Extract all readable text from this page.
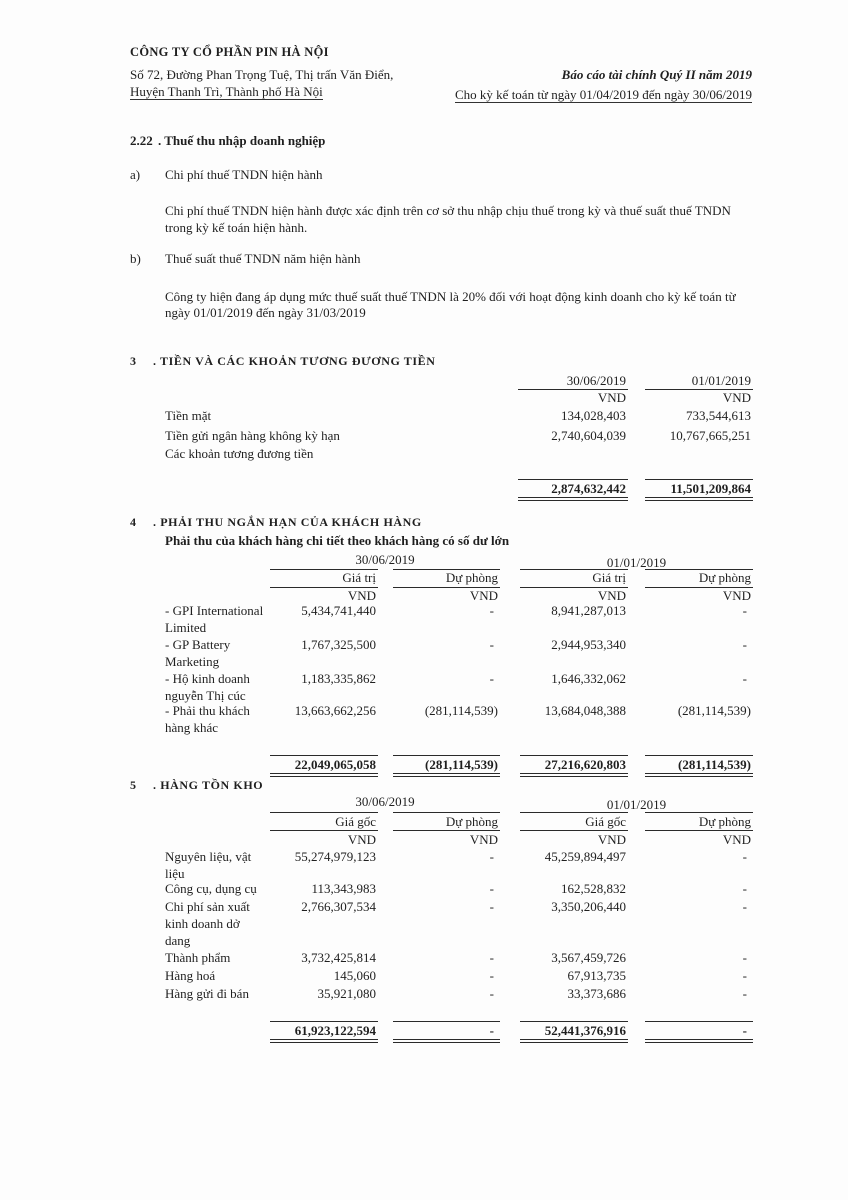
CÔNG TY CỔ PHẦN PIN HÀ NỘI
Số 72, Đường Phan Trọng Tuệ, Thị trấn Văn Điển,
Huyện Thanh Trì, Thành phố Hà Nội
Báo cáo tài chính Quý II năm 2019
Cho kỳ kế toán từ ngày 01/04/2019 đến ngày 30/06/2019
2.22 . Thuế thu nhập doanh nghiệp
a) Chi phí thuế TNDN hiện hành
Chi phí thuế TNDN hiện hành được xác định trên cơ sở thu nhập chịu thuế trong kỳ và thuế suất thuế TNDN
trong kỳ kế toán hiện hành.
b) Thuế suất thuế TNDN năm hiện hành
Công ty hiện đang áp dụng mức thuế suất thuế TNDN là 20% đối với hoạt động kinh doanh cho kỳ kế toán từ
ngày 01/01/2019 đến ngày 31/03/2019
3 . TIỀN VÀ CÁC KHOẢN TƯƠNG ĐƯƠNG TIỀN
30/06/2019	01/01/2019
VND	VND
Tiền mặt	134,028,403	733,544,613
Tiền gửi ngân hàng không kỳ hạn	2,740,604,039	10,767,665,251
Các khoản tương đương tiền
2,874,632,442	11,501,209,864
4 . PHẢI THU NGẮN HẠN CỦA KHÁCH HÀNG
Phải thu của khách hàng chi tiết theo khách hàng có số dư lớn
30/06/2019	01/01/2019
Giá trị	Dự phòng	Giá trị	Dự phòng
VND	VND	VND	VND
- GPI International
Limited
5,434,741,440	-	8,941,287,013	-
- GP Battery
Marketing
1,767,325,500	-	2,944,953,340	-
- Hộ kinh doanh
nguyễn Thị cúc
1,183,335,862	-	1,646,332,062	-
- Phải thu khách
hàng khác
13,663,662,256	(281,114,539)	13,684,048,388	(281,114,539)
22,049,065,058	(281,114,539)	27,216,620,803	(281,114,539)
5 . HÀNG TỒN KHO
30/06/2019	01/01/2019
Giá gốc	Dự phòng	Giá gốc	Dự phòng
VND	VND	VND	VND
Nguyên liệu, vật
liệu
55,274,979,123	-	45,259,894,497	-
Công cụ, dụng cụ	113,343,983	-	162,528,832	-
Chi phí sản xuất
kinh doanh dở
dang
2,766,307,534	-	3,350,206,440	-
Thành phẩm	3,732,425,814	-	3,567,459,726	-
Hàng hoá	145,060	-	67,913,735	-
Hàng gửi đi bán	35,921,080	-	33,373,686	-
61,923,122,594	-	52,441,376,916	-
